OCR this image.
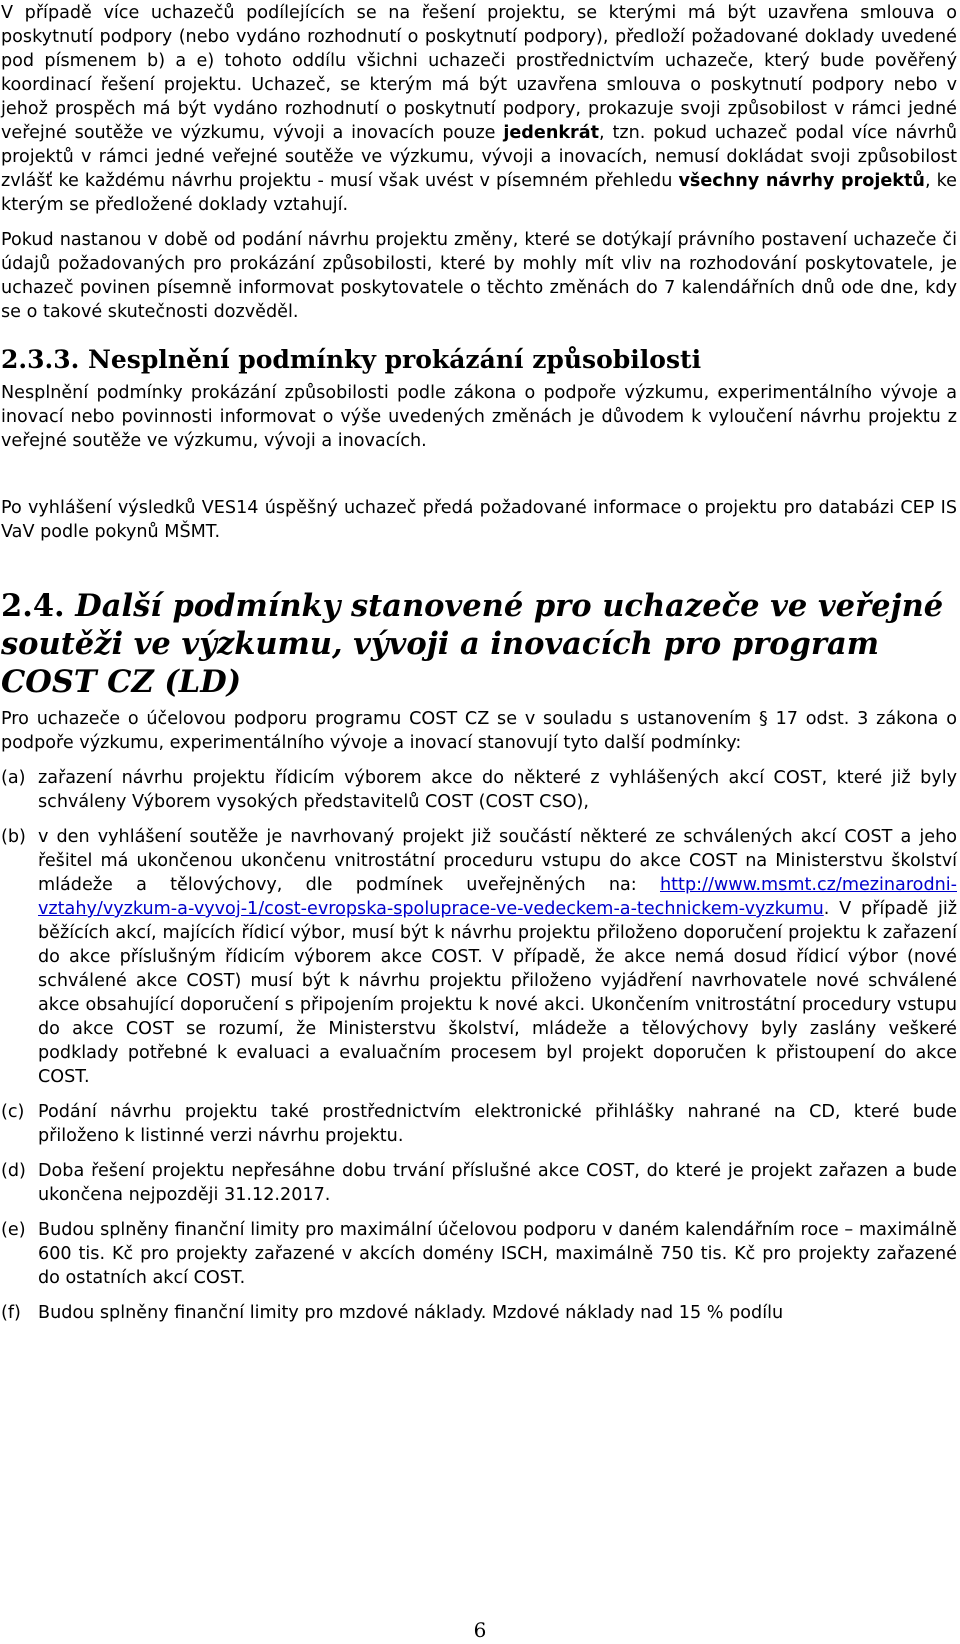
V případě více uchazečů podílejících se na řešení projektu, se kterými má být uzavřena smlouva o poskytnutí podpory (nebo vydáno rozhodnutí o poskytnutí podpory), předloží požadované doklady uvedené pod písmenem b) a e) tohoto oddílu všichni uchazeči prostřednictvím uchazeče, který bude pověřený koordinací řešení projektu. Uchazeč, se kterým má být uzavřena smlouva o poskytnutí podpory nebo v jehož prospěch má být vydáno rozhodnutí o poskytnutí podpory, prokazuje svoji způsobilost v rámci jedné veřejné soutěže ve výzkumu, vývoji a inovacích pouze jedenkrát, tzn. pokud uchazeč podal více návrhů projektů v rámci jedné veřejné soutěže ve výzkumu, vývoji a inovacích, nemusí dokládat svoji způsobilost zvlášť ke každému návrhu projektu - musí však uvést v písemném přehledu všechny návrhy projektů, ke kterým se předložené doklady vztahují.

Pokud nastanou v době od podání návrhu projektu změny, které se dotýkají právního postavení uchazeče či údajů požadovaných pro prokázání způsobilosti, které by mohly mít vliv na rozhodování poskytovatele, je uchazeč povinen písemně informovat poskytovatele o těchto změnách do 7 kalendářních dnů ode dne, kdy se o takové skutečnosti dozvěděl.

2.3.3. Nesplnění podmínky prokázání způsobilosti

Nesplnění podmínky prokázání způsobilosti podle zákona o podpoře výzkumu, experimentálního vývoje a inovací nebo povinnosti informovat o výše uvedených změnách je důvodem k vyloučení návrhu projektu z veřejné soutěže ve výzkumu, vývoji a inovacích.

Po vyhlášení výsledků VES14 úspěšný uchazeč předá požadované informace o projektu pro databázi CEP IS VaV podle pokynů MŠMT.

2.4. Další podmínky stanovené pro uchazeče ve veřejné soutěži ve výzkumu, vývoji a inovacích pro program COST CZ (LD)

Pro uchazeče o účelovou podporu programu COST CZ se v souladu s ustanovením § 17 odst. 3 zákona o podpoře výzkumu, experimentálního vývoje a inovací stanovují tyto další podmínky:

(a) zařazení návrhu projektu řídicím výborem akce do některé z vyhlášených akcí COST, které již byly schváleny Výborem vysokých představitelů COST (COST CSO),
(b) v den vyhlášení soutěže je navrhovaný projekt již součástí některé ze schválených akcí COST a jeho řešitel má ukončenou ukončenu vnitrostátní proceduru vstupu do akce COST na Ministerstvu školství mládeže a tělovýchovy, dle podmínek uveřejněných na: http://www.msmt.cz/mezinarodni-vztahy/vyzkum-a-vyvoj-1/cost-evropska-spoluprace-ve-vedeckem-a-technickem-vyzkumu. V případě již běžících akcí, majících řídicí výbor, musí být k návrhu projektu přiloženo doporučení projektu k zařazení do akce příslušným řídicím výborem akce COST. V případě, že akce nemá dosud řídicí výbor (nové schválené akce COST) musí být k návrhu projektu přiloženo vyjádření navrhovatele nové schválené akce obsahující doporučení s připojením projektu k nové akci. Ukončením vnitrostátní procedury vstupu do akce COST se rozumí, že Ministerstvu školství, mládeže a tělovýchovy byly zaslány veškeré podklady potřebné k evaluaci a evaluačním procesem byl projekt doporučen k přistoupení do akce COST.
(c) Podání návrhu projektu také prostřednictvím elektronické přihlášky nahrané na CD, které bude přiloženo k listinné verzi návrhu projektu.
(d) Doba řešení projektu nepřesáhne dobu trvání příslušné akce COST, do které je projekt zařazen a bude ukončena nejpozději 31.12.2017.
(e) Budou splněny finanční limity pro maximální účelovou podporu v daném kalendářním roce – maximálně 600 tis. Kč pro projekty zařazené v akcích domény ISCH, maximálně 750 tis. Kč pro projekty zařazené do ostatních akcí COST.
(f) Budou splněny finanční limity pro mzdové náklady. Mzdové náklady nad 15 % podílu
6
